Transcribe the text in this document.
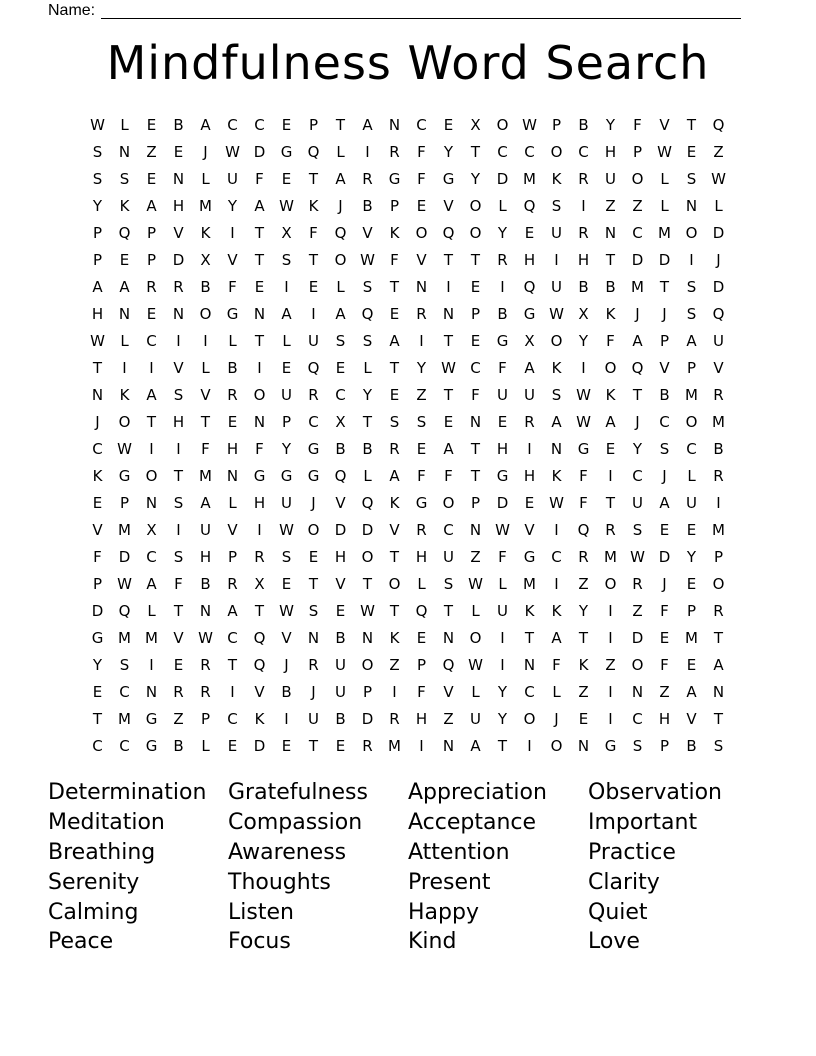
Name:
Mindfulness Word Search
W	L	E	B	A	C	C	E	P	T	A	N	C	E	X	O W	P	B	Y	F	V	T	Q
S	N	Z	E	J	W D	G	Q	L	I	R	F	Y	T	C	C	O	C	H	P	W E	Z
S	S	E	N	L	U	F	E	T	A	R	G	F	G	Y	D M	K	R	U	O	L	S W
Y	K	A	H M	Y	A W K	J	B	P	E	V	O	L	Q	S	I	Z	Z	L	N	L
P	Q	P	V	K	I	T	X	F	Q	V	K	O	Q	O	Y	E	U	R	N	C	M O	D
P	E	P	D	X	V	T	S	T	O W	F	V	T	T	R	H	I	H	T	D	D	I	J
A	A	R	R	B	F	E	I	E	L	S	T	N	I	E	I	Q	U	B	B	M	T	S	D
H	N	E	N	O	G	N	A	I	A	Q	E	R	N	P	B	G W X	K	J	J	S	Q
W	L	C	I	I	L	T	L	U	S	S	A	I	T	E	G	X	O	Y	F	A	P	A	U
T	I	I	V	L	B	I	E	Q	E	L	T	Y	W C	F	A	K	I	O	Q	V	P	V
N	K	A	S	V	R	O	U	R	C	Y	E	Z	T	F	U	U	S W K	T	B	M	R
J	O	T	H	T	E	N	P	C	X	T	S	S	E	N	E	R	A W A	J	C	O M
C W	I	I	F	H	F	Y	G	B	B	R	E	A	T	H	I	N	G	E	Y	S	C	B
K	G	O	T	M N	G	G	G	Q	L	A	F	F	T	G	H	K	F	I	C	J	L	R
E	P	N	S	A	L	H	U	J	V	Q	K	G	O	P	D	E W	F	T	U	A	U	I
V	M	X	I	U	V	I	W O	D	D	V	R	C	N W V	I	Q	R	S	E	E	M
F	D	C	S	H	P	R	S	E	H	O	T	H	U	Z	F	G	C	R	M W D	Y	P
P	W A	F	B	R	X	E	T	V	T	O	L	S W	L	M	I	Z	O	R	J	E	O
D	Q	L	T	N	A	T	W S	E W T	Q	T	L	U	K	K	Y	I	Z	F	P	R
G M M	V W C	Q	V	N	B	N	K	E	N	O	I	T	A	T	I	D	E	M	T
Y	S	I	E	R	T	Q	J	R	U	O	Z	P	Q W	I	N	F	K	Z	O	F	E	A
E	C	N	R	R	I	V	B	J	U	P	I	F	V	L	Y	C	L	Z	I	N	Z	A	N
T	M G	Z	P	C	K	I	U	B	D	R	H	Z	U	Y	O	J	E	I	C	H	V	T
C	C	G	B	L	E	D	E	T	E	R	M	I	N	A	T	I	O	N	G	S	P	B	S
Determination Gratefulness	Appreciation	Observation
Meditation	Compassion	Acceptance	Important
Breathing	Awareness	Attention	Practice
Serenity	Thoughts	Present	Clarity
Calming	Listen	Happy	Quiet
Peace	Focus	Kind	Love
